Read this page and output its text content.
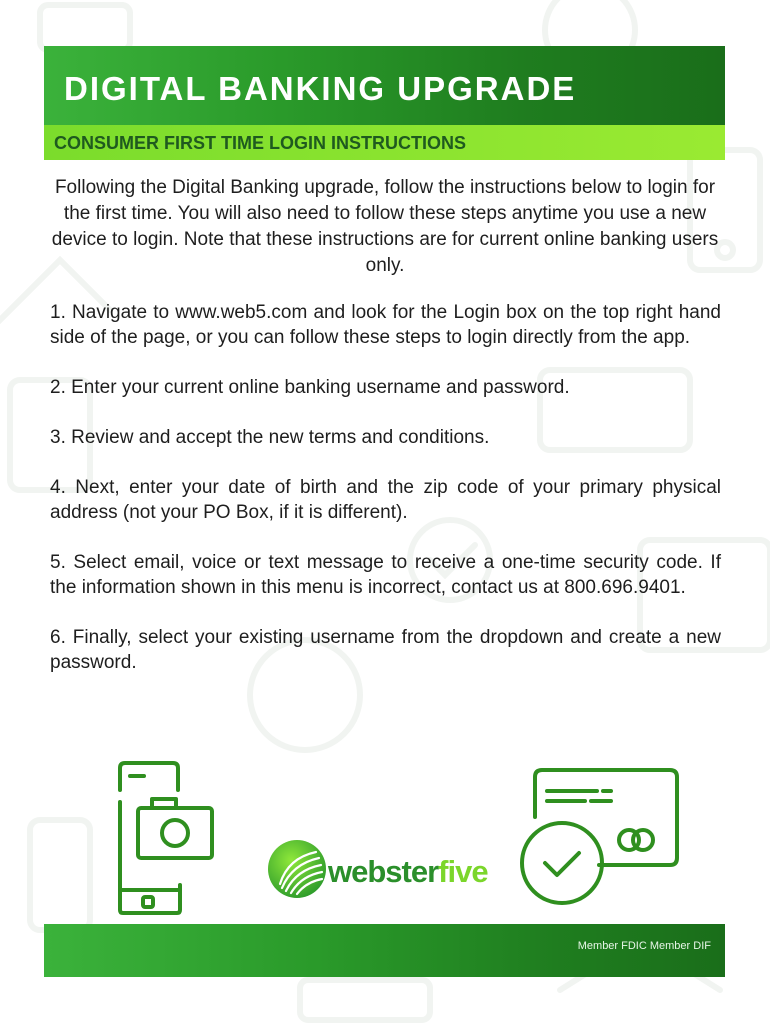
DIGITAL BANKING UPGRADE
CONSUMER FIRST TIME LOGIN INSTRUCTIONS
Following the Digital Banking upgrade, follow the instructions below to login for the first time. You will also need to follow these steps anytime you use a new device to login. Note that these instructions are for current online banking users only.

1. Navigate to www.web5.com and look for the Login box on the top right hand side of the page, or you can follow these steps to login directly from the app.

2. Enter your current online banking username and password.

3. Review and accept the new terms and conditions.

4. Next, enter your date of birth and the zip code of your primary physical address (not your PO Box, if it is different).

5. Select email, voice or text message to receive a one-time security code. If the information shown in this menu is incorrect, contact us at 800.696.9401.

6. Finally, select your existing username from the dropdown and create a new password.

websterfive
Member FDIC Member DIF
